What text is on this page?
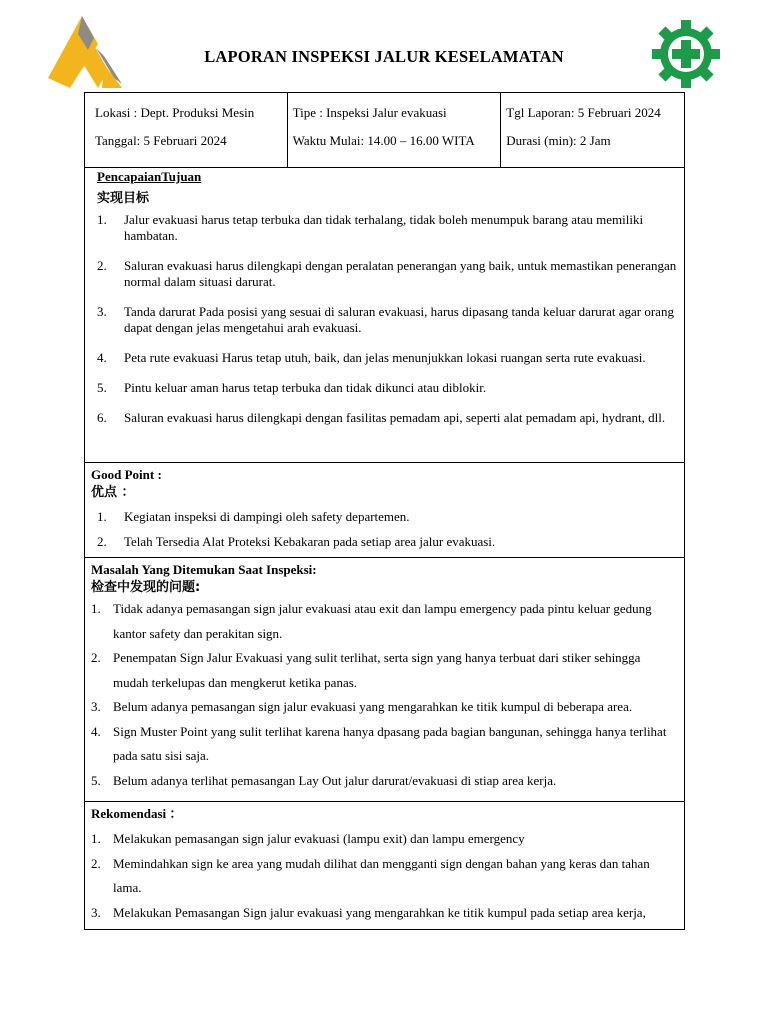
LAPORAN INSPEKSI JALUR KESELAMATAN
Lokasi : Dept. Produksi Mesin
Tanggal: 5 Februari 2024

Tipe : Inspeksi Jalur evakuasi
Waktu Mulai: 14.00 – 16.00 WITA

Tgl Laporan: 5 Februari 2024
Durasi (min): 2 Jam

PencapaianTujuan
实现目标
1.	Jalur evakuasi harus tetap terbuka dan tidak terhalang, tidak boleh menumpuk barang atau memiliki hambatan.
2.	Saluran evakuasi harus dilengkapi dengan peralatan penerangan yang baik, untuk memastikan penerangan normal dalam situasi darurat.
3.	Tanda darurat Pada posisi yang sesuai di saluran evakuasi, harus dipasang tanda keluar darurat agar orang dapat dengan jelas mengetahui arah evakuasi.
4.	Peta rute evakuasi Harus tetap utuh, baik, dan jelas menunjukkan lokasi ruangan serta rute evakuasi.
5.	Pintu keluar aman harus tetap terbuka dan tidak dikunci atau diblokir.
6.	Saluran evakuasi harus dilengkapi dengan fasilitas pemadam api, seperti alat pemadam api, hydrant, dll.

Good Point :
优点 ：
1.	Kegiatan inspeksi di dampingi oleh safety departemen.
2.	Telah Tersedia Alat Proteksi Kebakaran pada setiap area jalur evakuasi.

Masalah Yang Ditemukan Saat Inspeksi:
检查中发现的问题:
1. Tidak adanya pemasangan sign jalur evakuasi atau exit dan lampu emergency pada pintu keluar gedung kantor safety dan perakitan sign.
2. Penempatan Sign Jalur Evakuasi yang sulit terlihat, serta sign yang hanya terbuat dari stiker sehingga mudah terkelupas dan mengkerut ketika panas.
3. Belum adanya pemasangan sign jalur evakuasi yang mengarahkan ke titik kumpul di beberapa area.
4. Sign Muster Point yang sulit terlihat karena hanya dpasang pada bagian bangunan, sehingga hanya terlihat pada satu sisi saja.
5. Belum adanya terlihat pemasangan Lay Out jalur darurat/evakuasi di stiap area kerja.

Rekomendasi ：
1. Melakukan pemasangan sign jalur evakuasi (lampu exit) dan lampu emergency
2. Memindahkan sign ke area yang mudah dilihat dan mengganti sign dengan bahan yang keras dan tahan lama.
3. Melakukan Pemasangan Sign jalur evakuasi yang mengarahkan ke titik kumpul pada setiap area kerja,
